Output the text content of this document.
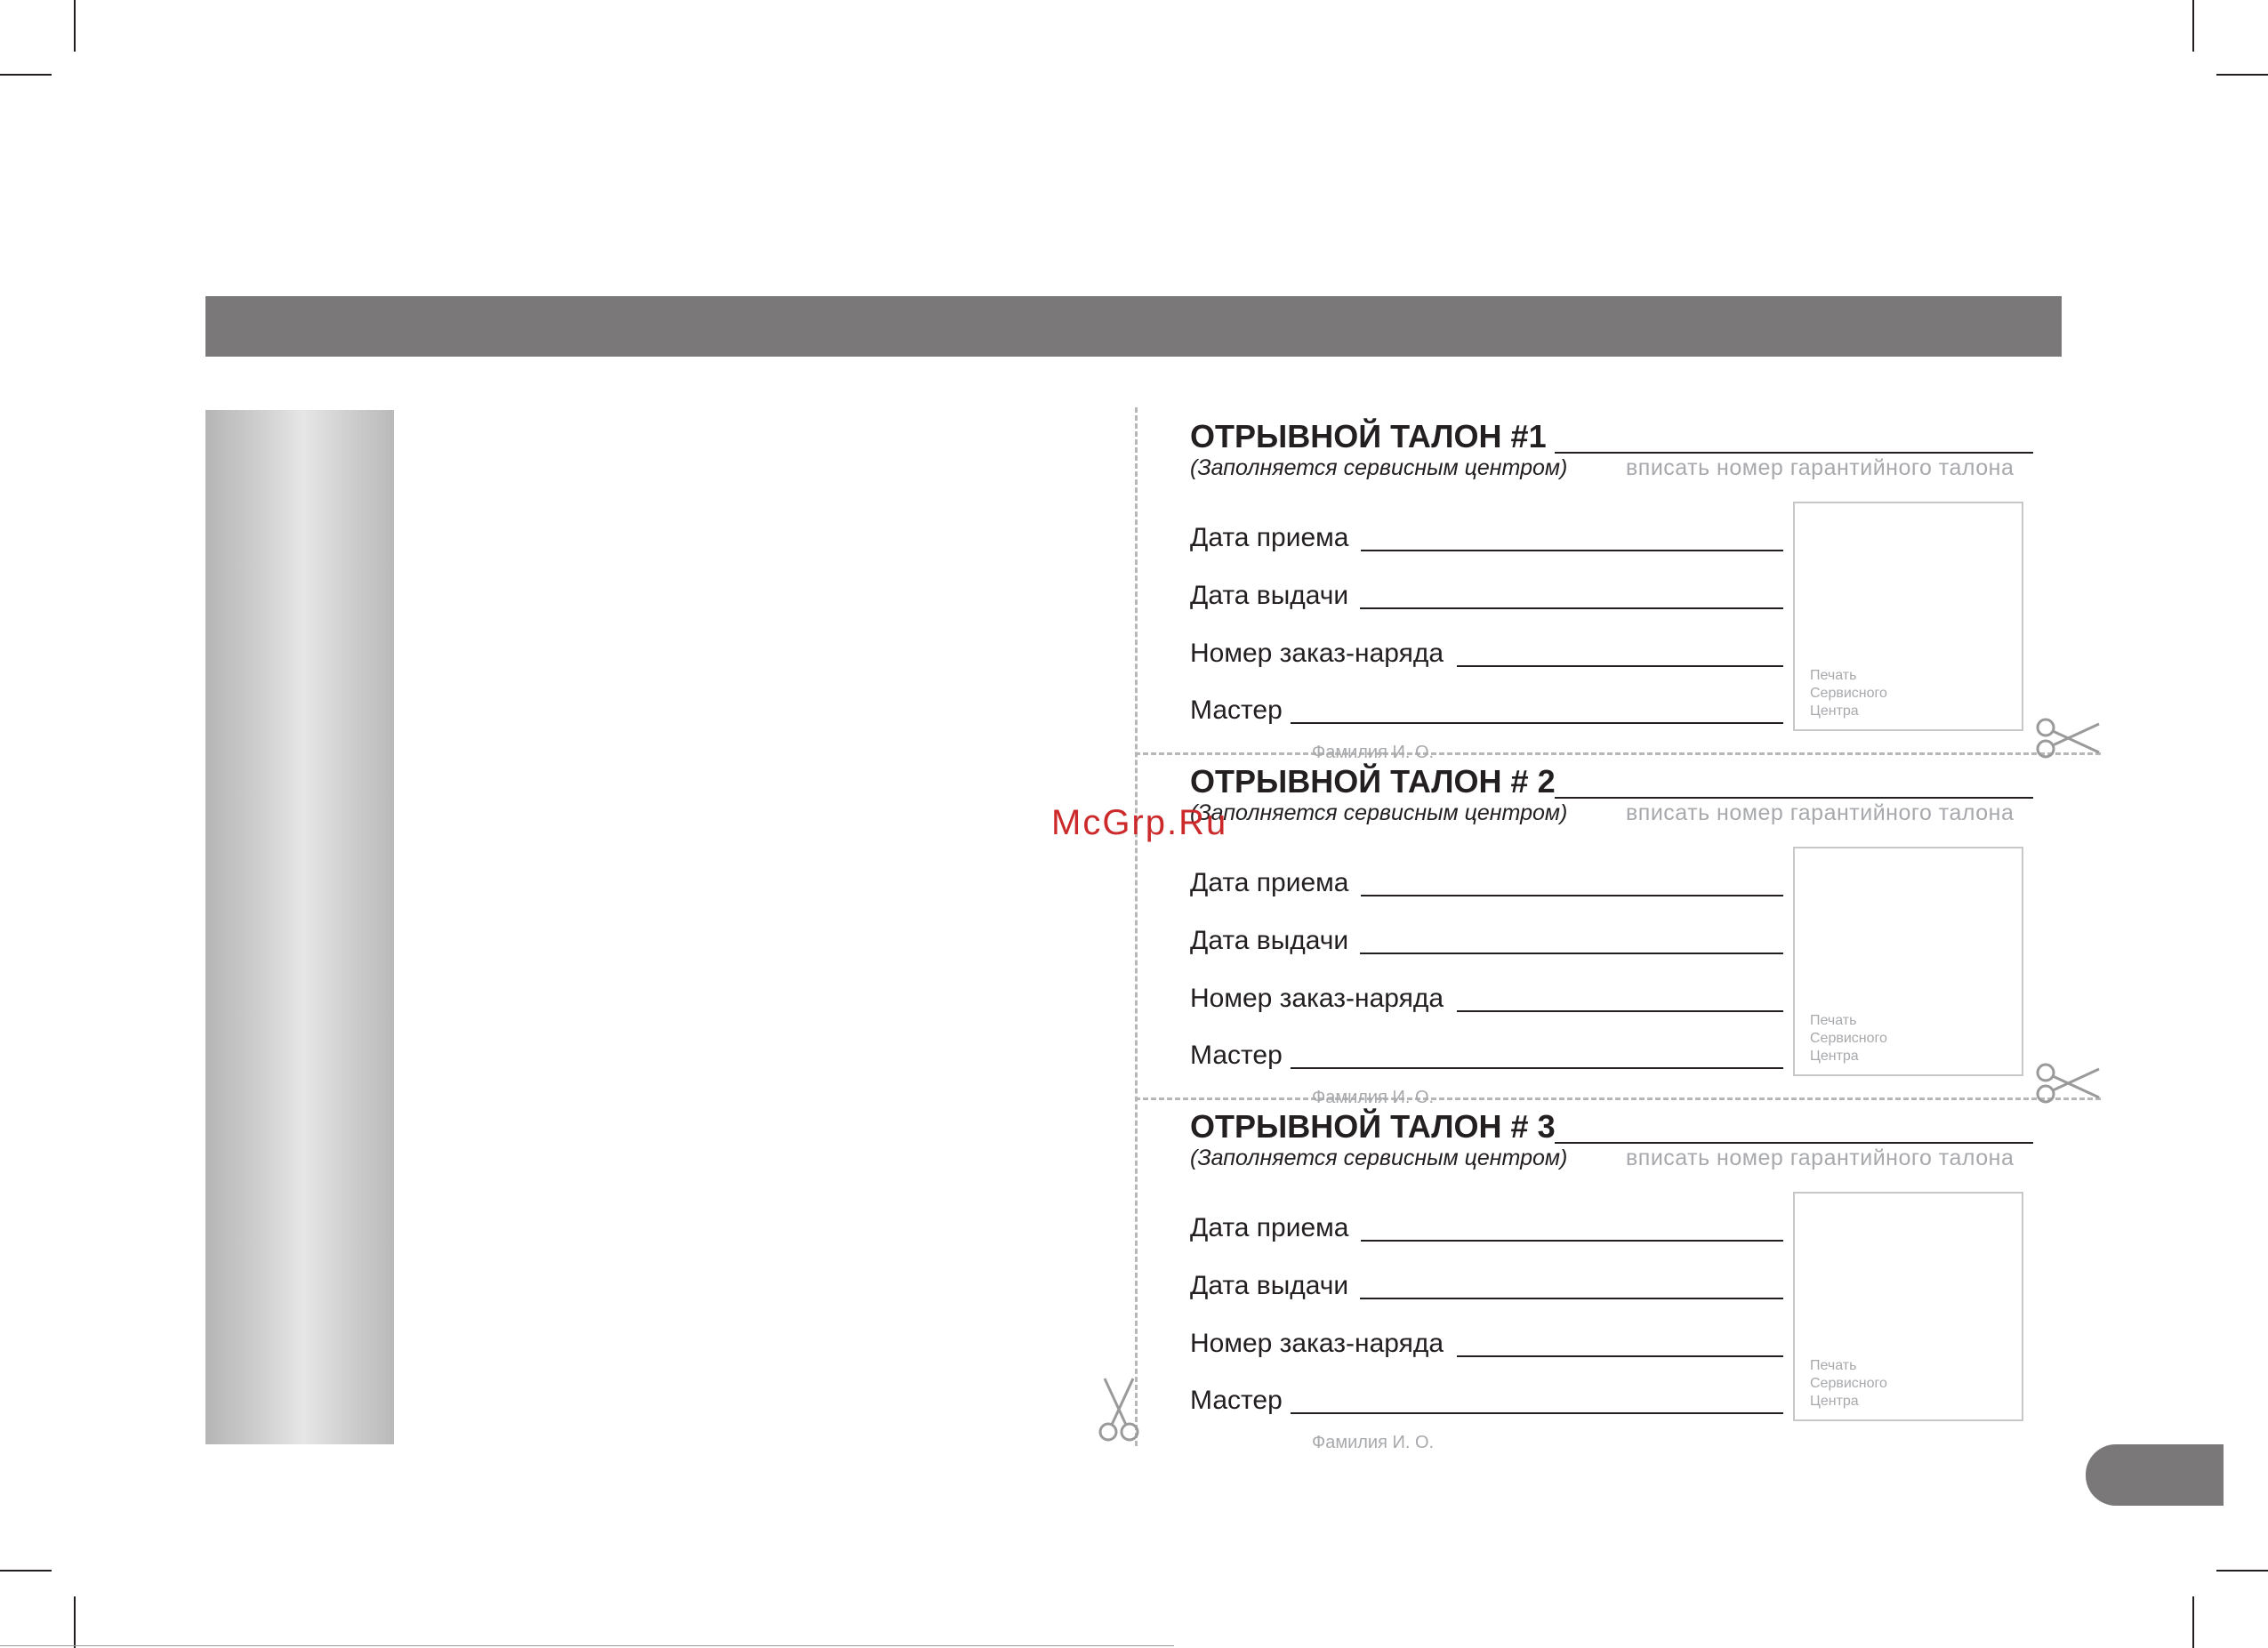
ОТРЫВНОЙ ТАЛОН #1
(Заполняется сервисным центром)	вписать номер гарантийного талона
Дата приема
Дата выдачи
Номер заказ-наряда
Мастер
Фамилия И. О.
Печать
Сервисного
Центра
ОТРЫВНОЙ ТАЛОН # 2
(Заполняется сервисным центром)	вписать номер гарантийного талона
Дата приема
Дата выдачи
Номер заказ-наряда
Мастер
Фамилия И. О.
Печать
Сервисного
Центра
ОТРЫВНОЙ ТАЛОН # 3
(Заполняется сервисным центром)	вписать номер гарантийного талона
Дата приема
Дата выдачи
Номер заказ-наряда
Мастер
Фамилия И. О.
Печать
Сервисного
Центра
McGrp.Ru
